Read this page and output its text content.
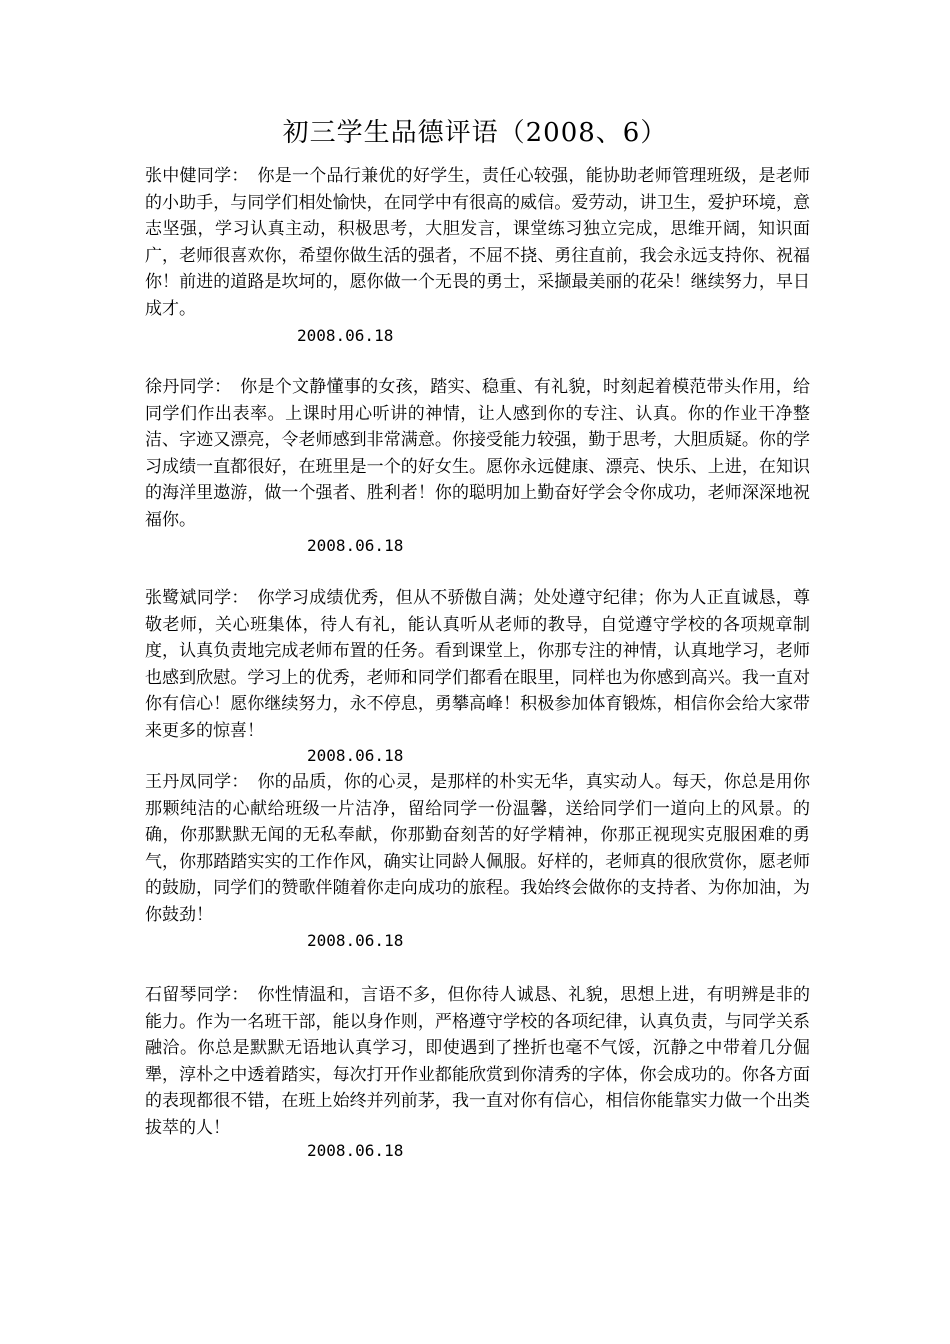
初三学生品德评语（2008、6）

张中健同学：　 你是一个品行兼优的好学生，责任心较强，能协助老师管理班级，是老师的小助手，与同学们相处愉快，在同学中有很高的威信。爱劳动，讲卫生，爱护环境，意志坚强，学习认真主动，积极思考，大胆发言，课堂练习独立完成，思维开阔，知识面广，老师很喜欢你，希望你做生活的强者，不屈不挠、勇往直前，我会永远支持你、祝福你！前进的道路是坎坷的，愿你做一个无畏的勇士，采撷最美丽的花朵！继续努力，早日成才。

2008.06.18

徐丹同学：　 你是个文静懂事的女孩，踏实、稳重、有礼貌，时刻起着模范带头作用，给同学们作出表率。上课时用心听讲的神情，让人感到你的专注、认真。你的作业干净整洁、字迹又漂亮，令老师感到非常满意。你接受能力较强，勤于思考，大胆质疑。你的学习成绩一直都很好，在班里是一个的好女生。愿你永远健康、漂亮、快乐、上进，在知识的海洋里遨游，做一个强者、胜利者！你的聪明加上勤奋好学会令你成功，老师深深地祝福你。

2008.06.18

张鹭斌同学：　 你学习成绩优秀，但从不骄傲自满；处处遵守纪律；你为人正直诚恳，尊敬老师，关心班集体，待人有礼，能认真听从老师的教导，自觉遵守学校的各项规章制度，认真负责地完成老师布置的任务。看到课堂上，你那专注的神情，认真地学习，老师也感到欣慰。学习上的优秀，老师和同学们都看在眼里，同样也为你感到高兴。我一直对你有信心！愿你继续努力，永不停息，勇攀高峰！积极参加体育锻炼，相信你会给大家带来更多的惊喜！

2008.06.18

王丹凤同学：　 你的品质，你的心灵，是那样的朴实无华，真实动人。每天，你总是用你那颗纯洁的心献给班级一片洁净，留给同学一份温馨，送给同学们一道向上的风景。的确，你那默默无闻的无私奉献，你那勤奋刻苦的好学精神，你那正视现实克服困难的勇气，你那踏踏实实的工作作风，确实让同龄人佩服。好样的，老师真的很欣赏你，愿老师的鼓励，同学们的赞歌伴随着你走向成功的旅程。我始终会做你的支持者、为你加油，为你鼓劲！

2008.06.18

石留琴同学：　 你性情温和，言语不多，但你待人诚恳、礼貌，思想上进，有明辨是非的能力。作为一名班干部，能以身作则，严格遵守学校的各项纪律，认真负责，与同学关系融洽。你总是默默无语地认真学习，即使遇到了挫折也毫不气馁，沉静之中带着几分倔犟，淳朴之中透着踏实，每次打开作业都能欣赏到你清秀的字体，你会成功的。你各方面的表现都很不错，在班上始终并列前茅，我一直对你有信心，相信你能靠实力做一个出类拔萃的人！

2008.06.18
